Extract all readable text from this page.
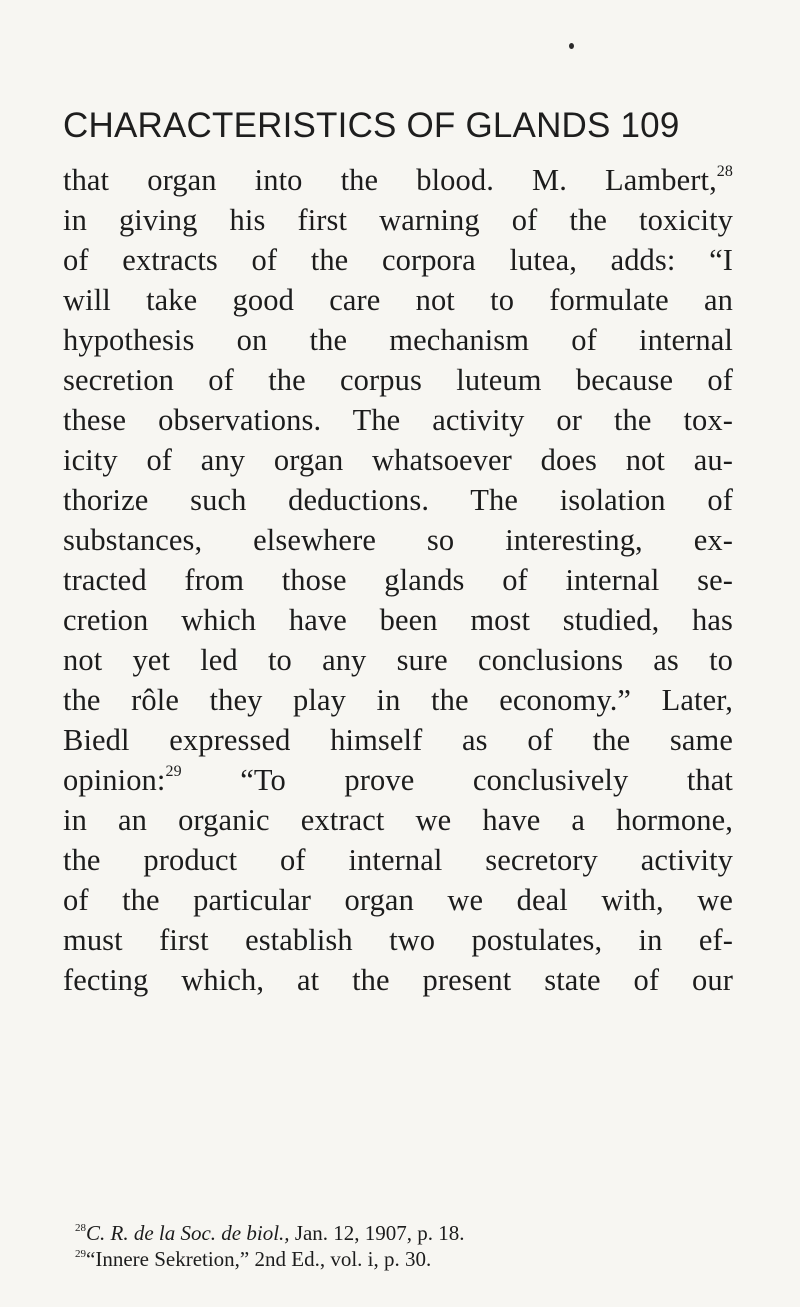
CHARACTERISTICS OF GLANDS 109
that organ into the blood. M. Lambert,$^{28}$
in giving his first warning of the toxicity
of extracts of the corpora lutea, adds: “I
will take good care not to formulate an
hypothesis on the mechanism of internal
secretion of the corpus luteum because of
these observations. The activity or the tox-
icity of any organ whatsoever does not au-
thorize such deductions. The isolation of
substances, elsewhere so interesting, ex-
tracted from those glands of internal se-
cretion which have been most studied, has
not yet led to any sure conclusions as to
the rôle they play in the economy.” Later,
Biedl expressed himself as of the same
opinion:$^{29}$ “To prove conclusively that
in an organic extract we have a hormone,
the product of internal secretory activity
of the particular organ we deal with, we
must first establish two postulates, in ef-
fecting which, at the present state of our
$^{28}$C. R. de la Soc. de biol., Jan. 12, 1907, p. 18.
$^{29}$“Innere Sekretion,” 2nd Ed., vol. i, p. 30.
